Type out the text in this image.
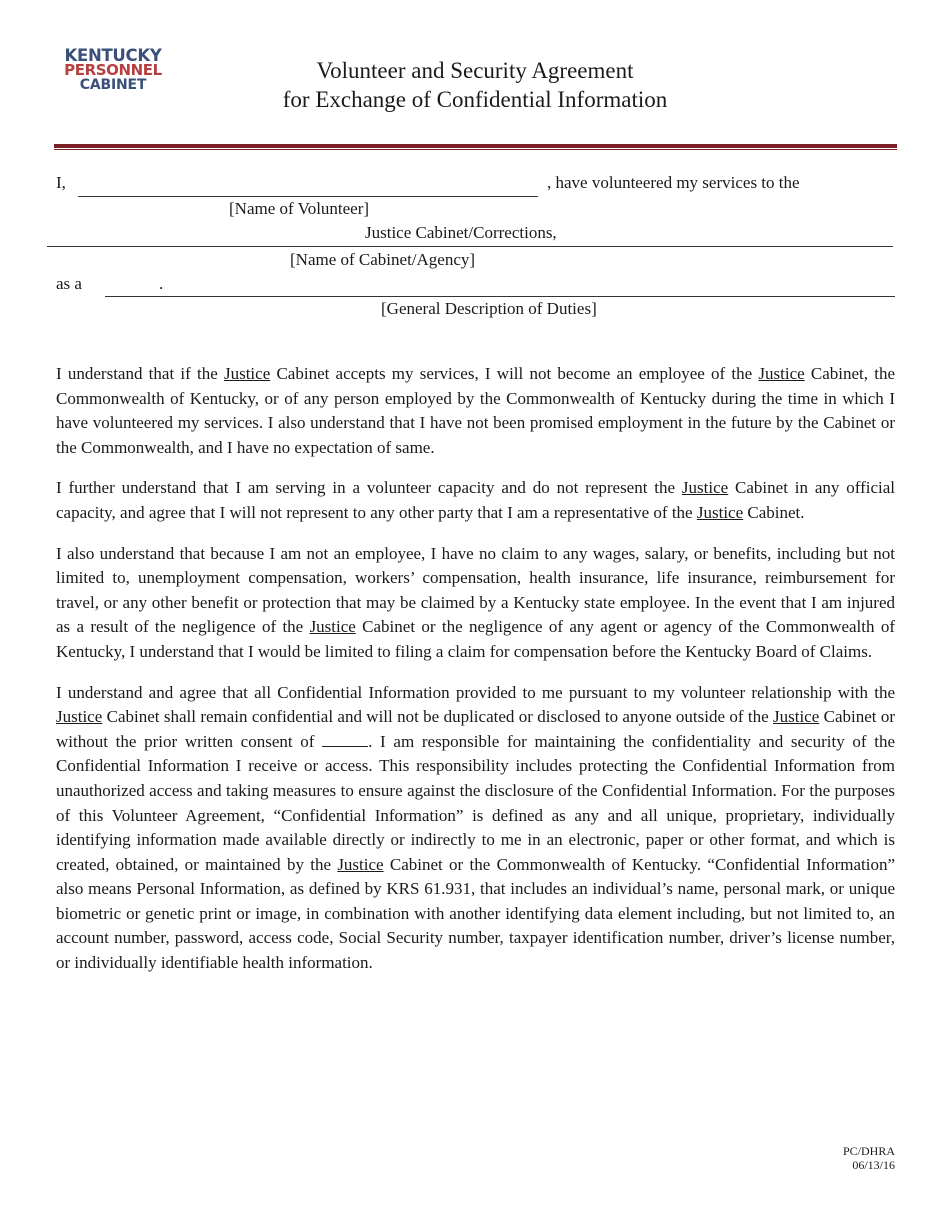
KENTUCKY
PERSONNEL
CABINET
Volunteer and Security Agreement
for Exchange of Confidential Information
I,	, have volunteered my services to the
[Name of Volunteer]
Justice Cabinet/Corrections,
[Name of Cabinet/Agency]
as a	.
[General Description of Duties]

I understand that if the Justice Cabinet accepts my services, I will not become an employee of the Justice Cabinet, the Commonwealth of Kentucky, or of any person employed by the Commonwealth of Kentucky during the time in which I have volunteered my services. I also understand that I have not been promised employment in the future by the Cabinet or the Commonwealth, and I have no expectation of same.

I further understand that I am serving in a volunteer capacity and do not represent the Justice Cabinet in any official capacity, and agree that I will not represent to any other party that I am a representative of the Justice Cabinet.

I also understand that because I am not an employee, I have no claim to any wages, salary, or benefits, including but not limited to, unemployment compensation, workers’ compensation, health insurance, life insurance, reimbursement for travel, or any other benefit or protection that may be claimed by a Kentucky state employee. In the event that I am injured as a result of the negligence of the Justice Cabinet or the negligence of any agent or agency of the Commonwealth of Kentucky, I understand that I would be limited to filing a claim for compensation before the Kentucky Board of Claims.

I understand and agree that all Confidential Information provided to me pursuant to my volunteer relationship with the Justice Cabinet shall remain confidential and will not be duplicated or disclosed to anyone outside of the Justice Cabinet or without the prior written consent of	. I am responsible for maintaining the confidentiality and security of the Confidential Information I receive or access. This responsibility includes protecting the Confidential Information from unauthorized access and taking measures to ensure against the disclosure of the Confidential Information. For the purposes of this Volunteer Agreement, “Confidential Information” is defined as any and all unique, proprietary, individually identifying information made available directly or indirectly to me in an electronic, paper or other format, and which is created, obtained, or maintained by the Justice Cabinet or the Commonwealth of Kentucky. “Confidential Information” also means Personal Information, as defined by KRS 61.931, that includes an individual’s name, personal mark, or unique biometric or genetic print or image, in combination with another identifying data element including, but not limited to, an account number, password, access code, Social Security number, taxpayer identification number, driver’s license number, or individually identifiable health information.

PC/DHRA
06/13/16
